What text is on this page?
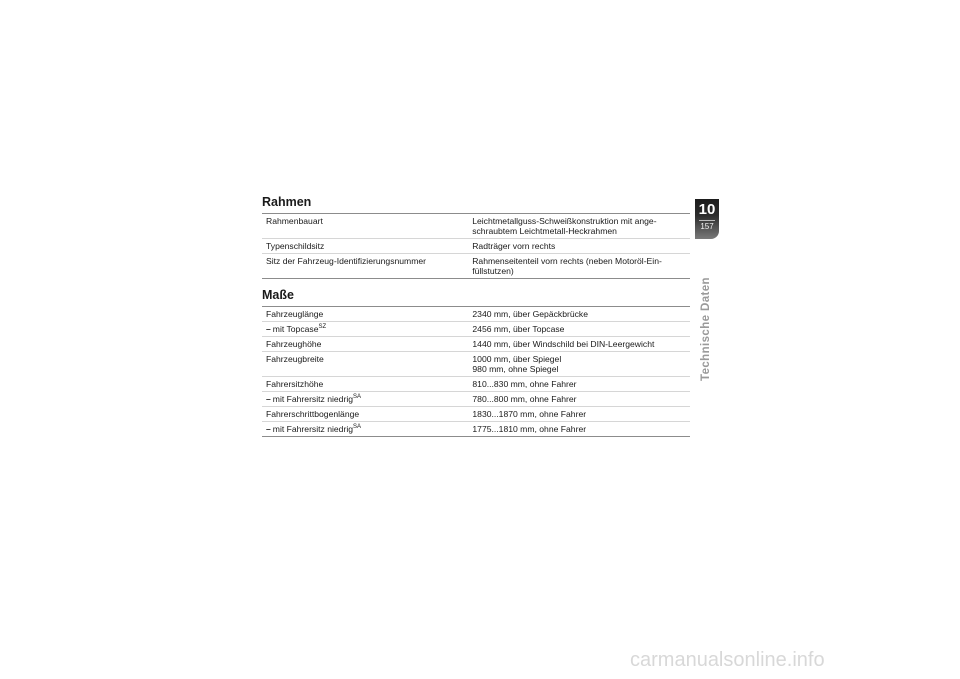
Rahmen
Rahmenbauart	Leichtmetallguss-Schweißkonstruktion mit ange-
schraubtem Leichtmetall-Heckrahmen

Typenschildsitz	Radträger vorn rechts

Sitz der Fahrzeug-Identifizierungsnummer	Rahmenseitenteil vorn rechts (neben Motoröl-Ein-
füllstutzen)
Maße
Fahrzeuglänge	2340 mm, über Gepäckbrücke

– mit Topcase$^{SZ}$	2456 mm, über Topcase

Fahrzeughöhe	1440 mm, über Windschild bei DIN-Leergewicht

Fahrzeugbreite	1000 mm, über Spiegel
980 mm, ohne Spiegel

Fahrersitzhöhe	810...830 mm, ohne Fahrer

– mit Fahrersitz niedrig$^{SA}$	780...800 mm, ohne Fahrer

Fahrerschrittbogenlänge	1830...1870 mm, ohne Fahrer

– mit Fahrersitz niedrig$^{SA}$	1775...1810 mm, ohne Fahrer
10
157
Technische Daten
carmanualsonline.info
